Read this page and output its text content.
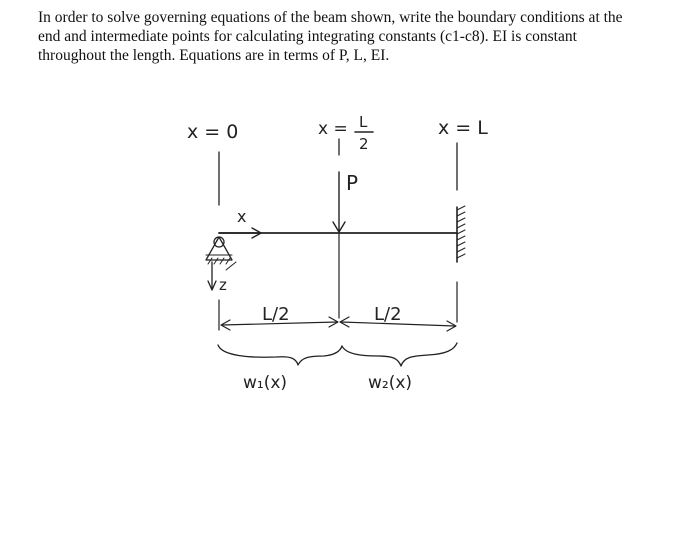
In order to solve governing equations of the beam shown, write the boundary conditions at the

end and intermediate points for calculating integrating constants (c1-c8). EI is constant

throughout the length. Equations are in terms of P, L, EI.

x = 0	x = L
2
x = L
P
x
z
L/2	L/2
w₁(x)	w₂(x)
